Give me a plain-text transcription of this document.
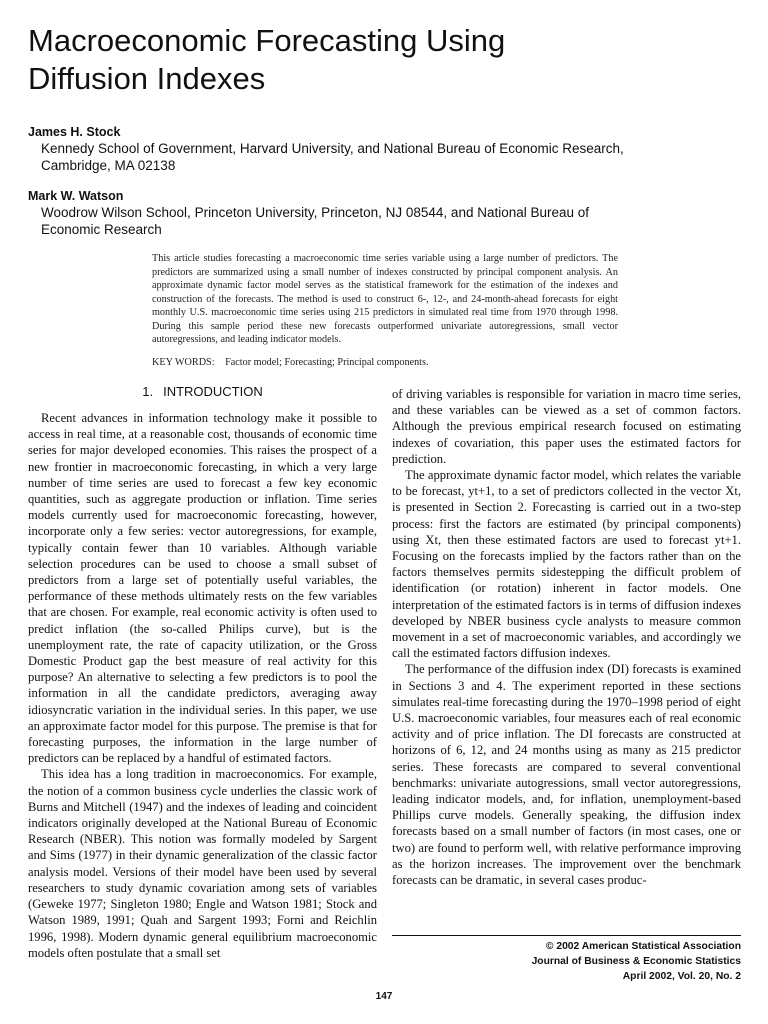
Macroeconomic Forecasting Using
Diffusion Indexes
James H. Stock
Kennedy School of Government, Harvard University, and National Bureau of Economic Research,
Cambridge, MA 02138
Mark W. Watson
Woodrow Wilson School, Princeton University, Princeton, NJ 08544, and National Bureau of
Economic Research
This article studies forecasting a macroeconomic time series variable using a large number of predictors. The predictors are summarized using a small number of indexes constructed by principal component analysis. An approximate dynamic factor model serves as the statistical framework for the estimation of the indexes and construction of the forecasts. The method is used to construct 6-, 12-, and 24-month-ahead forecasts for eight monthly U.S. macroeconomic time series using 215 predictors in simulated real time from 1970 through 1998. During this sample period these new forecasts outperformed univariate autoregressions, small vector autoregressions, and leading indicator models.
KEY WORDS: Factor model; Forecasting; Principal components.
1. INTRODUCTION

Recent advances in information technology make it possible to access in real time, at a reasonable cost, thousands of economic time series for major developed economies. This raises the prospect of a new frontier in macroeconomic forecasting, in which a very large number of time series are used to forecast a few key economic quantities, such as aggregate production or inflation. Time series models currently used for macroeconomic forecasting, however, incorporate only a few series: vector autoregressions, for example, typically contain fewer than 10 variables. Although variable selection procedures can be used to choose a small subset of predictors from a large set of potentially useful variables, the performance of these methods ultimately rests on the few variables that are chosen. For example, real economic activity is often used to predict inflation (the so-called Philips curve), but is the unemployment rate, the rate of capacity utilization, or the Gross Domestic Product gap the best measure of real activity for this purpose? An alternative to selecting a few predictors is to pool the information in all the candidate predictors, averaging away idiosyncratic variation in the individual series. In this paper, we use an approximate factor model for this purpose. The premise is that for forecasting purposes, the information in the large number of predictors can be replaced by a handful of estimated factors.

This idea has a long tradition in macroeconomics. For example, the notion of a common business cycle underlies the classic work of Burns and Mitchell (1947) and the indexes of leading and coincident indicators originally developed at the National Bureau of Economic Research (NBER). This notion was formally modeled by Sargent and Sims (1977) in their dynamic generalization of the classic factor analysis model. Versions of their model have been used by several researchers to study dynamic covariation among sets of variables (Geweke 1977; Singleton 1980; Engle and Watson 1981; Stock and Watson 1989, 1991; Quah and Sargent 1993; Forni and Reichlin 1996, 1998). Modern dynamic general equilibrium macroeconomic models often postulate that a small set

of driving variables is responsible for variation in macro time series, and these variables can be viewed as a set of common factors. Although the previous empirical research focused on estimating indexes of covariation, this paper uses the estimated factors for prediction.

The approximate dynamic factor model, which relates the variable to be forecast, yt+1, to a set of predictors collected in the vector Xt, is presented in Section 2. Forecasting is carried out in a two-step process: first the factors are estimated (by principal components) using Xt, then these estimated factors are used to forecast yt+1. Focusing on the forecasts implied by the factors rather than on the factors themselves permits sidestepping the difficult problem of identification (or rotation) inherent in factor models. One interpretation of the estimated factors is in terms of diffusion indexes developed by NBER business cycle analysts to measure common movement in a set of macroeconomic variables, and accordingly we call the estimated factors diffusion indexes.

The performance of the diffusion index (DI) forecasts is examined in Sections 3 and 4. The experiment reported in these sections simulates real-time forecasting during the 1970–1998 period of eight U.S. macroeconomic variables, four measures each of real economic activity and of price inflation. The DI forecasts are constructed at horizons of 6, 12, and 24 months using as many as 215 predictor series. These forecasts are compared to several conventional benchmarks: univariate autogressions, small vector autoregressions, leading indicator models, and, for inflation, unemployment-based Phillips curve models. Generally speaking, the diffusion index forecasts based on a small number of factors (in most cases, one or two) are found to perform well, with relative performance improving as the horizon increases. The improvement over the benchmark forecasts can be dramatic, in several cases produc-

© 2002 American Statistical Association
Journal of Business & Economic Statistics
April 2002, Vol. 20, No. 2
147
